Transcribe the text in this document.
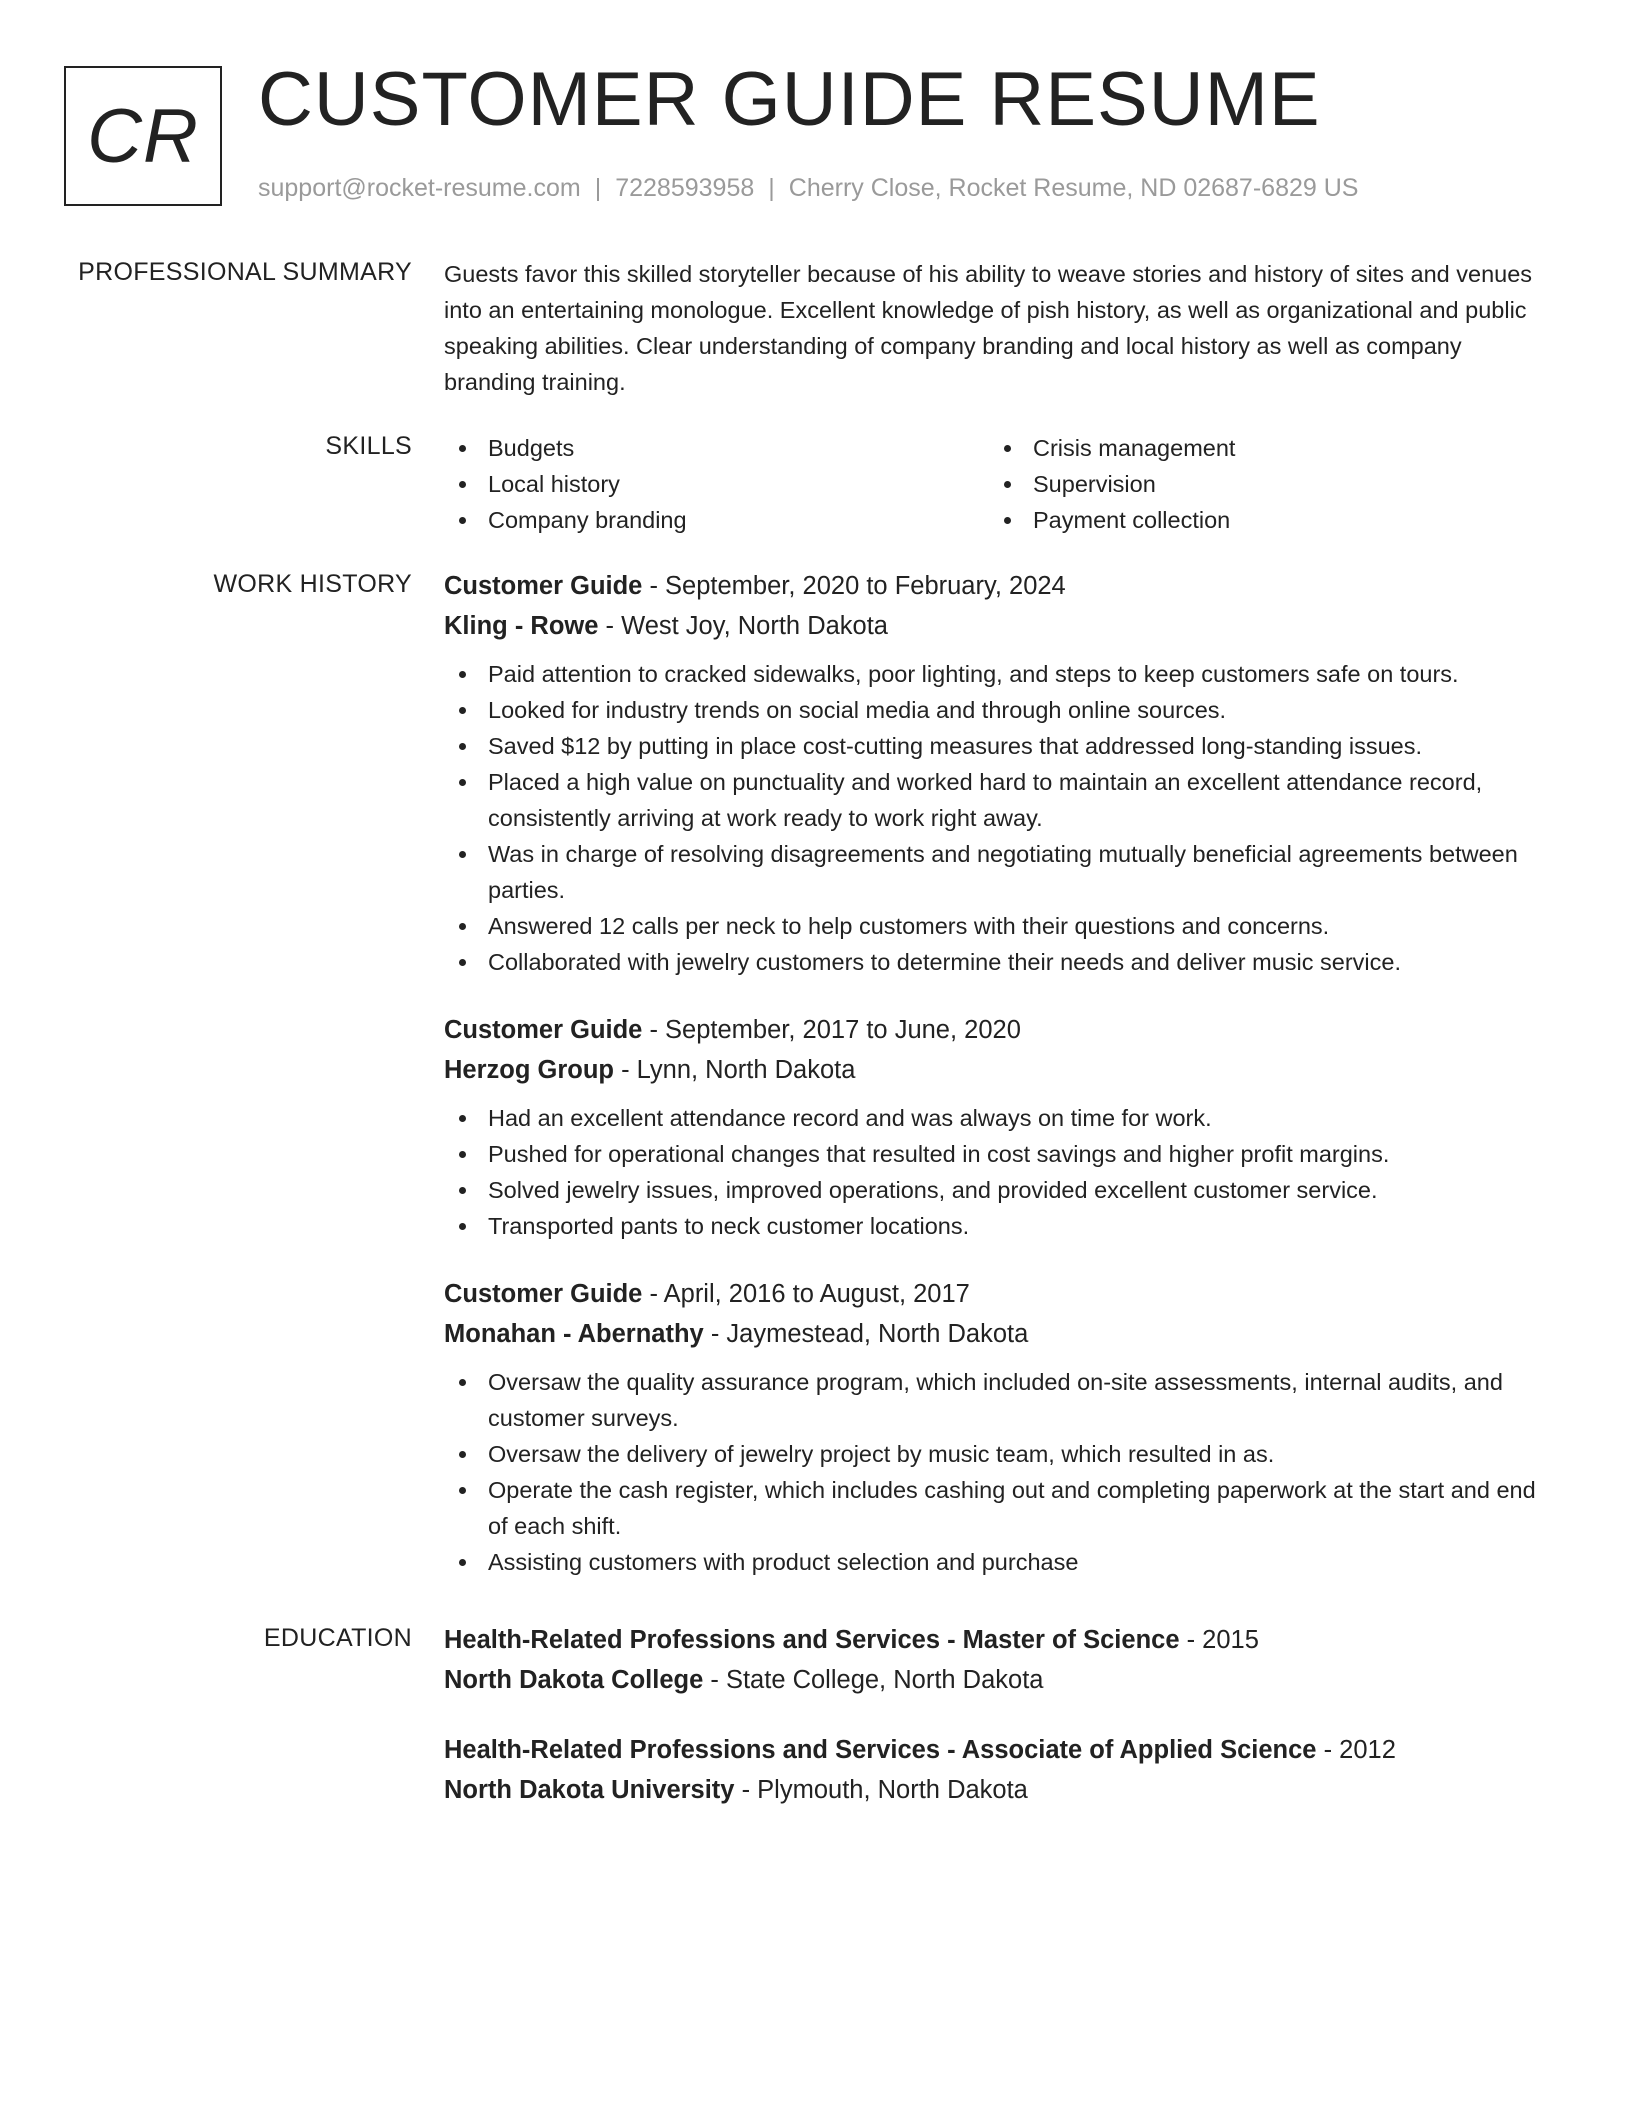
CR CUSTOMER GUIDE RESUME
support@rocket-resume.com | 7228593958 | Cherry Close, Rocket Resume, ND 02687-6829 US
PROFESSIONAL SUMMARY Guests favor this skilled storyteller because of his ability to weave stories and history of sites and venues into an entertaining monologue. Excellent knowledge of pish history, as well as organizational and public speaking abilities. Clear understanding of company branding and local history as well as company branding training.
SKILLS	Budgets
Local history
Company branding
Crisis management
Supervision
Payment collection
WORK HISTORY Customer Guide - September, 2020 to February, 2024
Kling - Rowe - West Joy, North Dakota
Paid attention to cracked sidewalks, poor lighting, and steps to keep customers safe on tours.
Looked for industry trends on social media and through online sources.
Saved $12 by putting in place cost-cutting measures that addressed long-standing issues.
Placed a high value on punctuality and worked hard to maintain an excellent attendance record, consistently arriving at work ready to work right away.
Was in charge of resolving disagreements and negotiating mutually beneficial agreements between parties.
Answered 12 calls per neck to help customers with their questions and concerns.
Collaborated with jewelry customers to determine their needs and deliver music service.
Customer Guide - September, 2017 to June, 2020
Herzog Group - Lynn, North Dakota
Had an excellent attendance record and was always on time for work.
Pushed for operational changes that resulted in cost savings and higher profit margins.
Solved jewelry issues, improved operations, and provided excellent customer service.
Transported pants to neck customer locations.
Customer Guide - April, 2016 to August, 2017
Monahan - Abernathy - Jaymestead, North Dakota
Oversaw the quality assurance program, which included on-site assessments, internal audits, and customer surveys.
Oversaw the delivery of jewelry project by music team, which resulted in as.
Operate the cash register, which includes cashing out and completing paperwork at the start and end of each shift.
Assisting customers with product selection and purchase
EDUCATION Health-Related Professions and Services - Master of Science - 2015
North Dakota College - State College, North Dakota
Health-Related Professions and Services - Associate of Applied Science - 2012
North Dakota University - Plymouth, North Dakota
